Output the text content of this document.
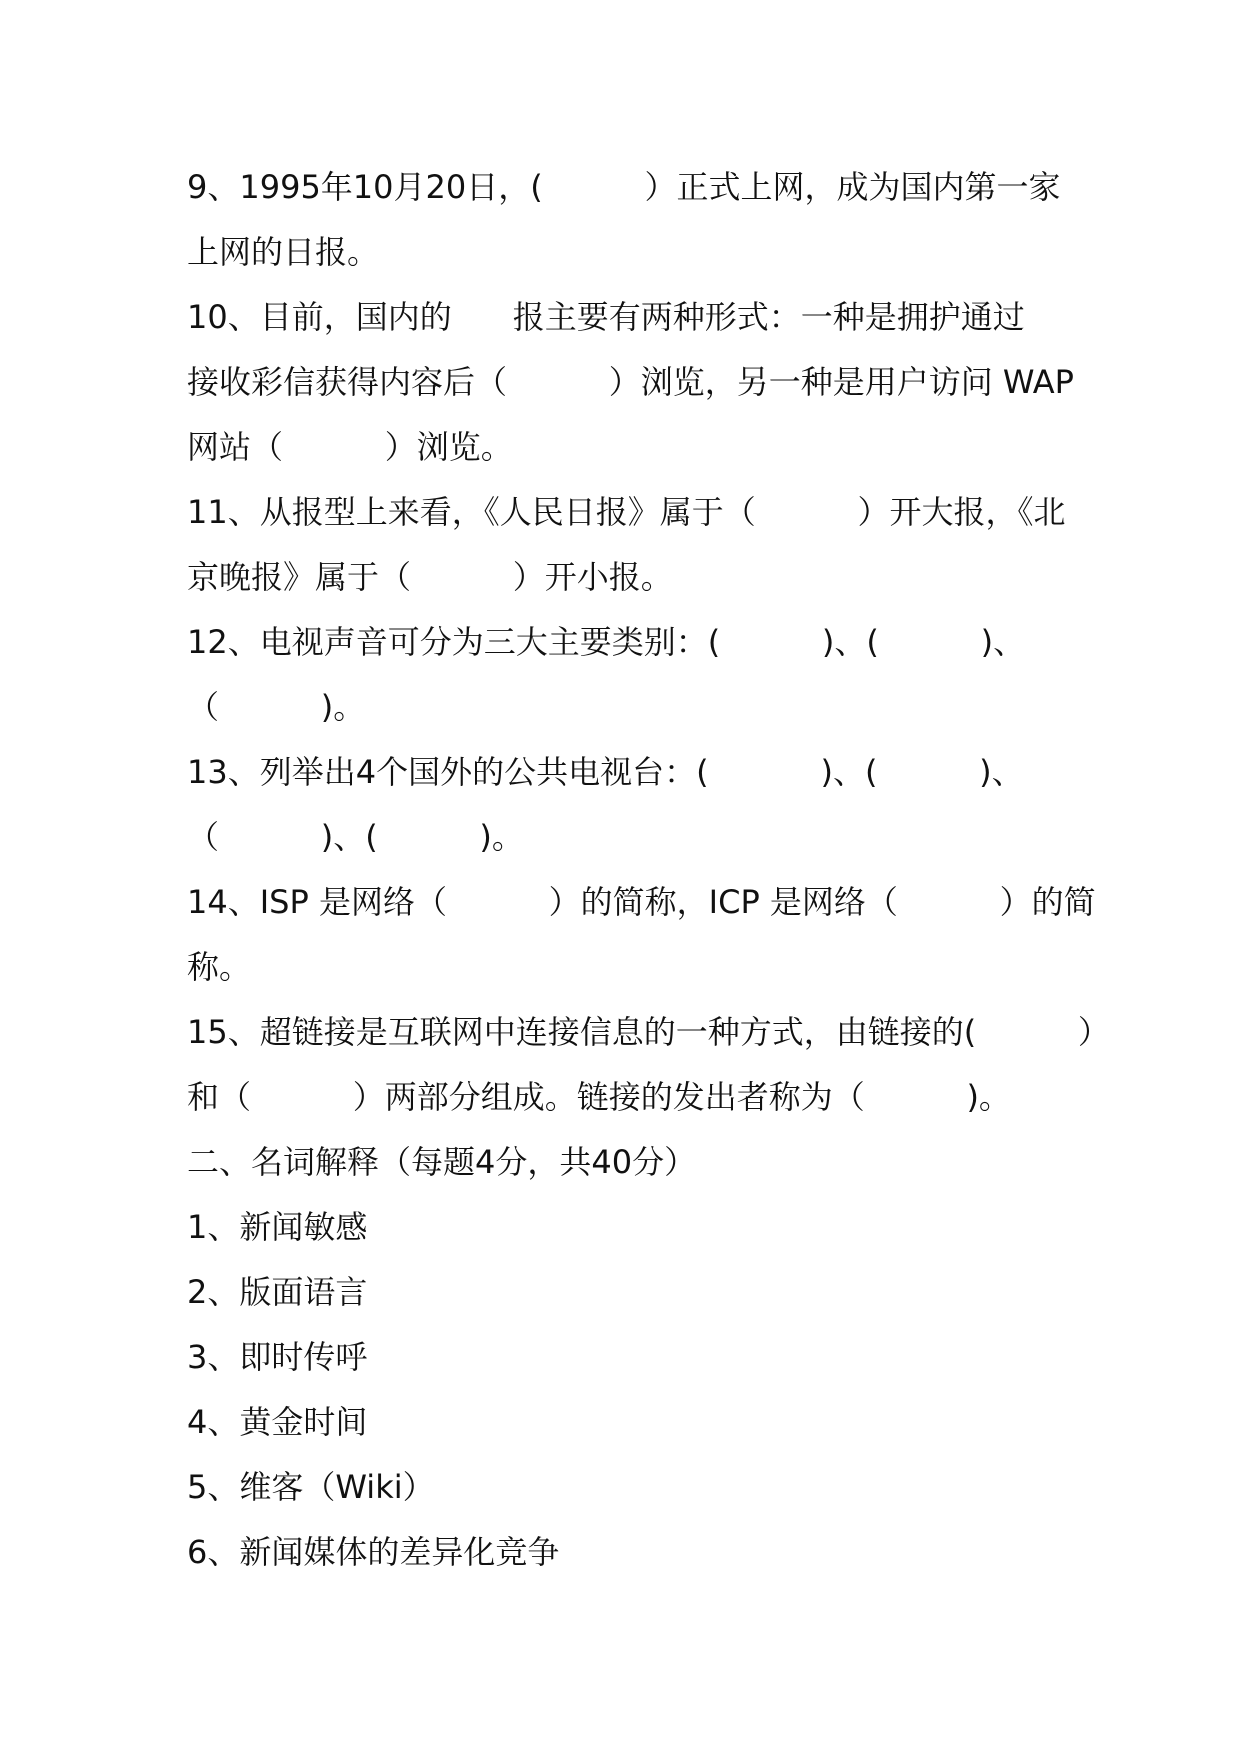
9、1995年10月20日，(          ）正式上网，成为国内第一家
上网的日报。
10、目前，国内的      报主要有两种形式：一种是拥护通过
接收彩信获得内容后（          ）浏览，另一种是用户访问 WAP
网站（          ）浏览。
11、从报型上来看，《人民日报》属于（          ）开大报，《北
京晚报》属于（          ）开小报。
12、电视声音可分为三大主要类别：(          )、(          )、
（          )。
13、列举出4个国外的公共电视台：(           )、(          )、
（          )、(          )。
14、ISP 是网络（          ）的简称，ICP 是网络（          ）的简
称。
15、超链接是互联网中连接信息的一种方式，由链接的(          ）
和（          ）两部分组成。链接的发出者称为（          )。
二、名词解释（每题4分，共40分）
1、新闻敏感
2、版面语言
3、即时传呼
4、黄金时间
5、维客（Wiki）
6、新闻媒体的差异化竞争
